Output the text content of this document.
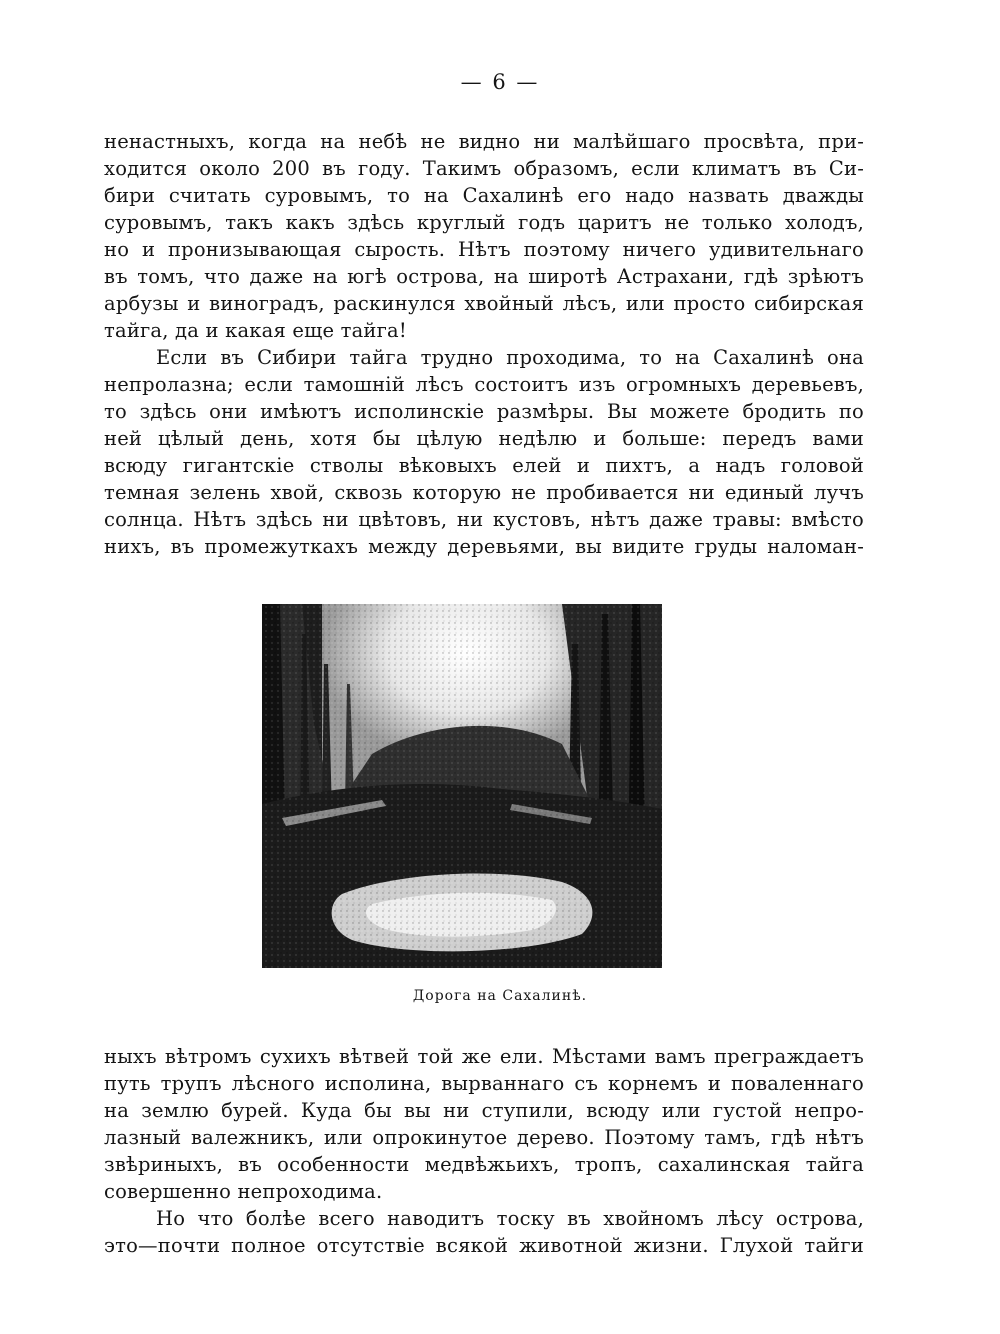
— 6 —
ненастныхъ, когда на небѣ не видно ни малѣйшаго просвѣта, при-
ходится около 200 въ году. Такимъ образомъ, если климатъ въ Си-
бири считать суровымъ, то на Сахалинѣ его надо назвать дважды
суровымъ, такъ какъ здѣсь круглый годъ царитъ не только холодъ,
но и пронизывающая сырость. Нѣтъ поэтому ничего удивительнаго
въ томъ, что даже на югѣ острова, на широтѣ Астрахани, гдѣ зрѣютъ
арбузы и виноградъ, раскинулся хвойный лѣсъ, или просто сибирская
тайга, да и какая еще тайга!
Если въ Сибири тайга трудно проходима, то на Сахалинѣ она
непролазна; если тамошній лѣсъ состоитъ изъ огромныхъ деревьевъ,
то здѣсь они имѣютъ исполинскіе размѣры. Вы можете бродить по
ней цѣлый день, хотя бы цѣлую недѣлю и больше: передъ вами
всюду гигантскіе стволы вѣковыхъ елей и пихтъ, а надъ головой
темная зелень хвой, сквозь которую не пробивается ни единый лучъ
солнца. Нѣтъ здѣсь ни цвѣтовъ, ни кустовъ, нѣтъ даже травы: вмѣсто
нихъ, въ промежуткахъ между деревьями, вы видите груды наломан-
Дорога на Сахалинѣ.
ныхъ вѣтромъ сухихъ вѣтвей той же ели. Мѣстами вамъ преграждаетъ
путь трупъ лѣсного исполина, вырваннаго съ корнемъ и поваленнаго
на землю бурей. Куда бы вы ни ступили, всюду или густой непро-
лазный валежникъ, или опрокинутое дерево. Поэтому тамъ, гдѣ нѣтъ
звѣриныхъ, въ особенности медвѣжьихъ, тропъ, сахалинская тайга
совершенно непроходима.
Но что болѣе всего наводитъ тоску въ хвойномъ лѣсу острова,
это—почти полное отсутствіе всякой животной жизни. Глухой тайги
